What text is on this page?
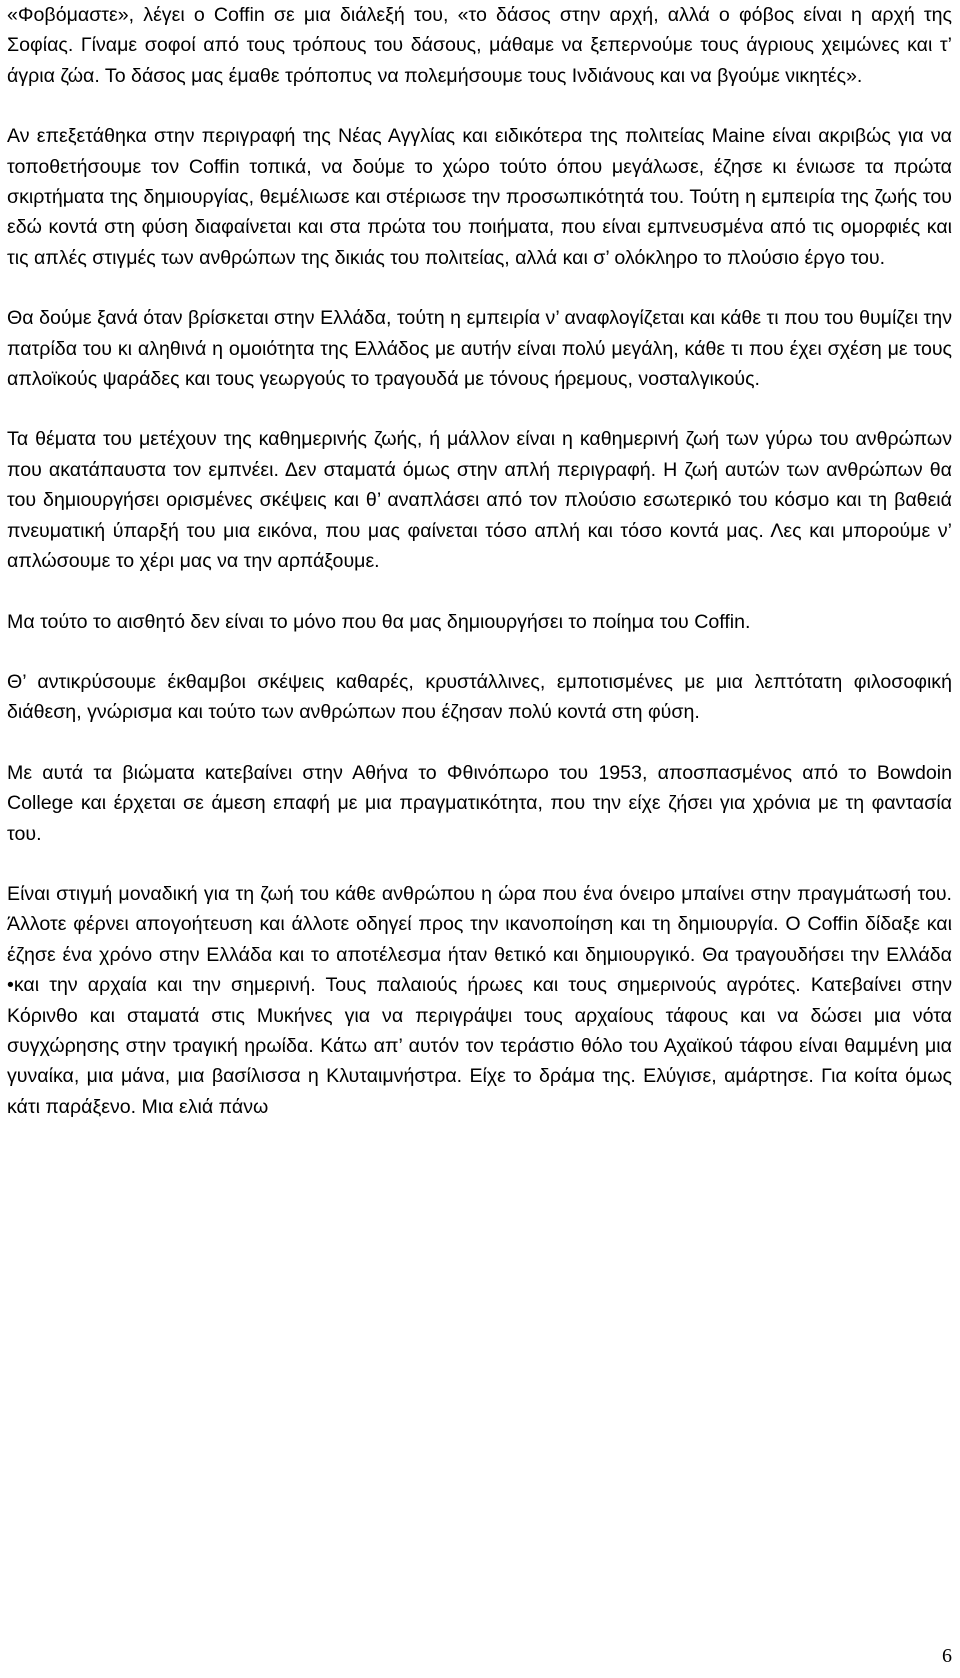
«Φοβόμαστε», λέγει ο Coffin σε μια διάλεξή του, «το δάσος στην αρχή, αλλά ο φόβος είναι η αρχή της Σοφίας. Γίναμε σοφοί από τους τρόπους του δάσους, μάθαμε να ξεπερνούμε τους άγριους χειμώνες και τ’ άγρια ζώα. Το δάσος μας έμαθε τρόποπυς να πολεμήσουμε τους Ινδιάνους και να βγούμε νικητές».

Αν επεξετάθηκα στην περιγραφή της Νέας Αγγλίας και ειδικότερα της πολιτείας Maine είναι ακριβώς για να τοποθετήσουμε τον Coffin τοπικά, να δούμε το χώρο τούτο όπου μεγάλωσε, έζησε κι ένιωσε τα πρώτα σκιρτήματα της δημιουργίας, θεμέλιωσε και στέριωσε την προσωπικότητά του. Τούτη η εμπειρία της ζωής του εδώ κοντά στη φύση διαφαίνεται και στα πρώτα του ποιήματα, που είναι εμπνευσμένα από τις ομορφιές και τις απλές στιγμές των ανθρώπων της δικιάς του πολιτείας, αλλά και σ’ ολόκληρο το πλούσιο έργο του.

Θα δούμε ξανά όταν βρίσκεται στην Ελλάδα, τούτη η εμπειρία ν’ αναφλογίζεται και κάθε τι που του θυμίζει την πατρίδα του κι αληθινά η ομοιότητα της Ελλάδος με αυτήν είναι πολύ μεγάλη, κάθε τι που έχει σχέση με τους απλοϊκούς ψαράδες και τους γεωργούς το τραγουδά με τόνους ήρεμους, νοσταλγικούς.

Τα θέματα του μετέχουν της καθημερινής ζωής, ή μάλλον είναι η καθημερινή ζωή των γύρω του ανθρώπων που ακατάπαυστα τον εμπνέει. Δεν σταματά όμως στην απλή περιγραφή. Η ζωή αυτών των ανθρώπων θα του δημιουργήσει ορισμένες σκέψεις και θ’ αναπλάσει από τον πλούσιο εσωτερικό του κόσμο και τη βαθειά πνευματική ύπαρξή του μια εικόνα, που μας φαίνεται τόσο απλή και τόσο κοντά μας. Λες και μπορούμε ν’ απλώσουμε το χέρι μας να την αρπάξουμε.

Μα τούτο το αισθητό δεν είναι το μόνο που θα μας δημιουργήσει το ποίημα του Coffin.

Θ’ αντικρύσουμε έκθαμβοι σκέψεις καθαρές, κρυστάλλινες, εμποτισμένες με μια λεπτότατη φιλοσοφική διάθεση, γνώρισμα και τούτο των ανθρώπων που έζησαν πολύ κοντά στη φύση.

Με αυτά τα βιώματα κατεβαίνει στην Αθήνα το Φθινόπωρο του 1953, αποσπασμένος από το Bowdoin College και έρχεται σε άμεση επαφή με μια πραγματικότητα, που την είχε ζήσει για χρόνια με τη φαντασία του.

Είναι στιγμή μοναδική για τη ζωή του κάθε ανθρώπου η ώρα που ένα όνειρο μπαίνει στην πραγμάτωσή του. Άλλοτε φέρνει απογοήτευση και άλλοτε οδηγεί προς την ικανοποίηση και τη δημιουργία. Ο Coffin δίδαξε και έζησε ένα χρόνο στην Ελλάδα και το αποτέλεσμα ήταν θετικό και δημιουργικό. Θα τραγουδήσει την Ελλάδα •και την αρχαία και την σημερινή. Τους παλαιούς ήρωες και τους σημερινούς αγρότες. Κατεβαίνει στην Κόρινθο και σταματά στις Μυκήνες για να περιγράψει τους αρχαίους τάφους και να δώσει μια νότα συγχώρησης στην τραγική ηρωίδα. Κάτω απ’ αυτόν τον τεράστιο θόλο του Αχαϊκού τάφου είναι θαμμένη μια γυναίκα, μια μάνα, μια βασίλισσα η Κλυταιμνήστρα. Είχε το δράμα της. Ελύγισε, αμάρτησε. Για κοίτα όμως κάτι παράξενο. Μια ελιά πάνω

6
